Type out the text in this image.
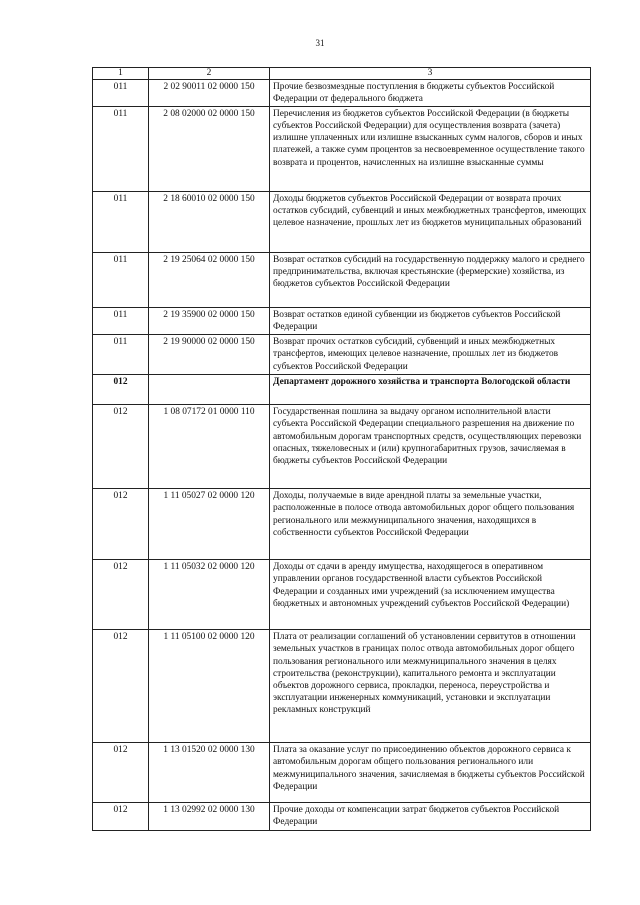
31
1	2	3
011	2 02 90011 02 0000 150	Прочие безвозмездные поступления в бюджеты субъектов Российской Федерации от федерального бюджета
011	2 08 02000 02 0000 150	Перечисления из бюджетов субъектов Российской Федерации (в бюджеты субъектов Российской Федерации) для осуществления возврата (зачета) излишне уплаченных или излишне взысканных сумм налогов, сборов и иных платежей, а также сумм процентов за несвоевременное осуществление такого возврата и процентов, начисленных на излишне взысканные суммы
011	2 18 60010 02 0000 150	Доходы бюджетов субъектов Российской Федерации от возврата прочих остатков субсидий, субвенций и иных межбюджетных трансфертов, имеющих целевое назначение, прошлых лет из бюджетов муниципальных образований
011	2 19 25064 02 0000 150	Возврат остатков субсидий на государственную поддержку малого и среднего предпринимательства, включая крестьянские (фермерские) хозяйства, из бюджетов субъектов Российской Федерации
011	2 19 35900 02 0000 150	Возврат остатков единой субвенции из бюджетов субъектов Российской Федерации
011	2 19 90000 02 0000 150	Возврат прочих остатков субсидий, субвенций и иных межбюджетных трансфертов, имеющих целевое назначение, прошлых лет из бюджетов субъектов Российской Федерации
012		Департамент дорожного хозяйства и транспорта Вологодской области
012	1 08 07172 01 0000 110	Государственная пошлина за выдачу органом исполнительной власти субъекта Российской Федерации специального разрешения на движение по автомобильным дорогам транспортных средств, осуществляющих перевозки опасных, тяжеловесных и (или) крупногабаритных грузов, зачисляемая в бюджеты субъектов Российской Федерации
012	1 11 05027 02 0000 120	Доходы, получаемые в виде арендной платы за земельные участки, расположенные в полосе отвода автомобильных дорог общего пользования регионального или межмуниципального значения, находящихся в собственности субъектов Российской Федерации
012	1 11 05032 02 0000 120	Доходы от сдачи в аренду имущества, находящегося в оперативном управлении органов государственной власти субъектов Российской Федерации и созданных ими учреждений (за исключением имущества бюджетных и автономных учреждений субъектов Российской Федерации)
012	1 11 05100 02 0000 120	Плата от реализации соглашений об установлении сервитутов в отношении земельных участков в границах полос отвода автомобильных дорог общего пользования регионального или межмуниципального значения в целях строительства (реконструкции), капитального ремонта и эксплуатации объектов дорожного сервиса, прокладки, переноса, переустройства и эксплуатации инженерных коммуникаций, установки и эксплуатации рекламных конструкций
012	1 13 01520 02 0000 130	Плата за оказание услуг по присоединению объектов дорожного сервиса к автомобильным дорогам общего пользования регионального или межмуниципального значения, зачисляемая в бюджеты субъектов Российской Федерации
012	1 13 02992 02 0000 130	Прочие доходы от компенсации затрат бюджетов субъектов Российской Федерации
